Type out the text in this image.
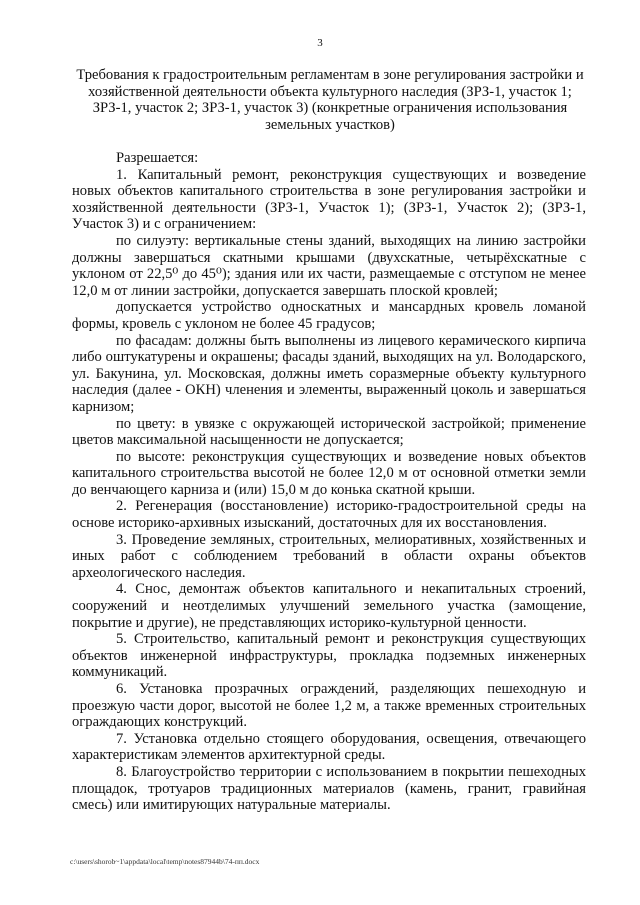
3
Требования к градостроительным регламентам в зоне регулирования застройки и хозяйственной деятельности объекта культурного наследия (ЗРЗ-1, участок 1; ЗРЗ-1, участок 2; ЗРЗ-1, участок 3) (конкретные ограничения использования земельных участков)

Разрешается:

1. Капитальный ремонт, реконструкция существующих и возведение новых объектов капитального строительства в зоне регулирования застройки и хозяйственной деятельности (ЗРЗ-1, Участок 1); (ЗРЗ-1, Участок 2); (ЗРЗ-1, Участок 3) и с ограничением:

по силуэту: вертикальные стены зданий, выходящих на линию застройки должны завершаться скатными крышами (двухскатные, четырёхскатные с уклоном от 22,5⁰ до 45⁰); здания или их части, размещаемые с отступом не менее 12,0 м от линии застройки, допускается завершать плоской кровлей;

допускается устройство односкатных и мансардных кровель ломаной формы, кровель с уклоном не более 45 градусов;

по фасадам: должны быть выполнены из лицевого керамического кирпича либо оштукатурены и окрашены; фасады зданий, выходящих на ул. Володарского, ул. Бакунина, ул. Московская, должны иметь соразмерные объекту культурного наследия (далее - ОКН) членения и элементы, выраженный цоколь и завершаться карнизом;

по цвету: в увязке с окружающей исторической застройкой; применение цветов максимальной насыщенности не допускается;

по высоте: реконструкция существующих и возведение новых объектов капитального строительства высотой не более 12,0 м от основной отметки земли до венчающего карниза и (или) 15,0 м до конька скатной крыши.

2. Регенерация (восстановление) историко-градостроительной среды на основе историко-архивных изысканий, достаточных для их восстановления.

3. Проведение земляных, строительных, мелиоративных, хозяйственных и иных работ с соблюдением требований в области охраны объектов археологического наследия.

4. Снос, демонтаж объектов капитального и некапитальных строений, сооружений и неотделимых улучшений земельного участка (замощение, покрытие и другие), не представляющих историко-культурной ценности.

5. Строительство, капитальный ремонт и реконструкция существующих объектов инженерной инфраструктуры, прокладка подземных инженерных коммуникаций.

6. Установка прозрачных ограждений, разделяющих пешеходную и проезжую части дорог, высотой не более 1,2 м, а также временных строительных ограждающих конструкций.

7. Установка отдельно стоящего оборудования, освещения, отвечающего характеристикам элементов архитектурной среды.

8. Благоустройство территории с использованием в покрытии пешеходных площадок, тротуаров традиционных материалов (камень, гранит, гравийная смесь) или имитирующих натуральные материалы.

c:\users\shorob~1\appdata\local\temp\notes87944b\74-пп.docx
